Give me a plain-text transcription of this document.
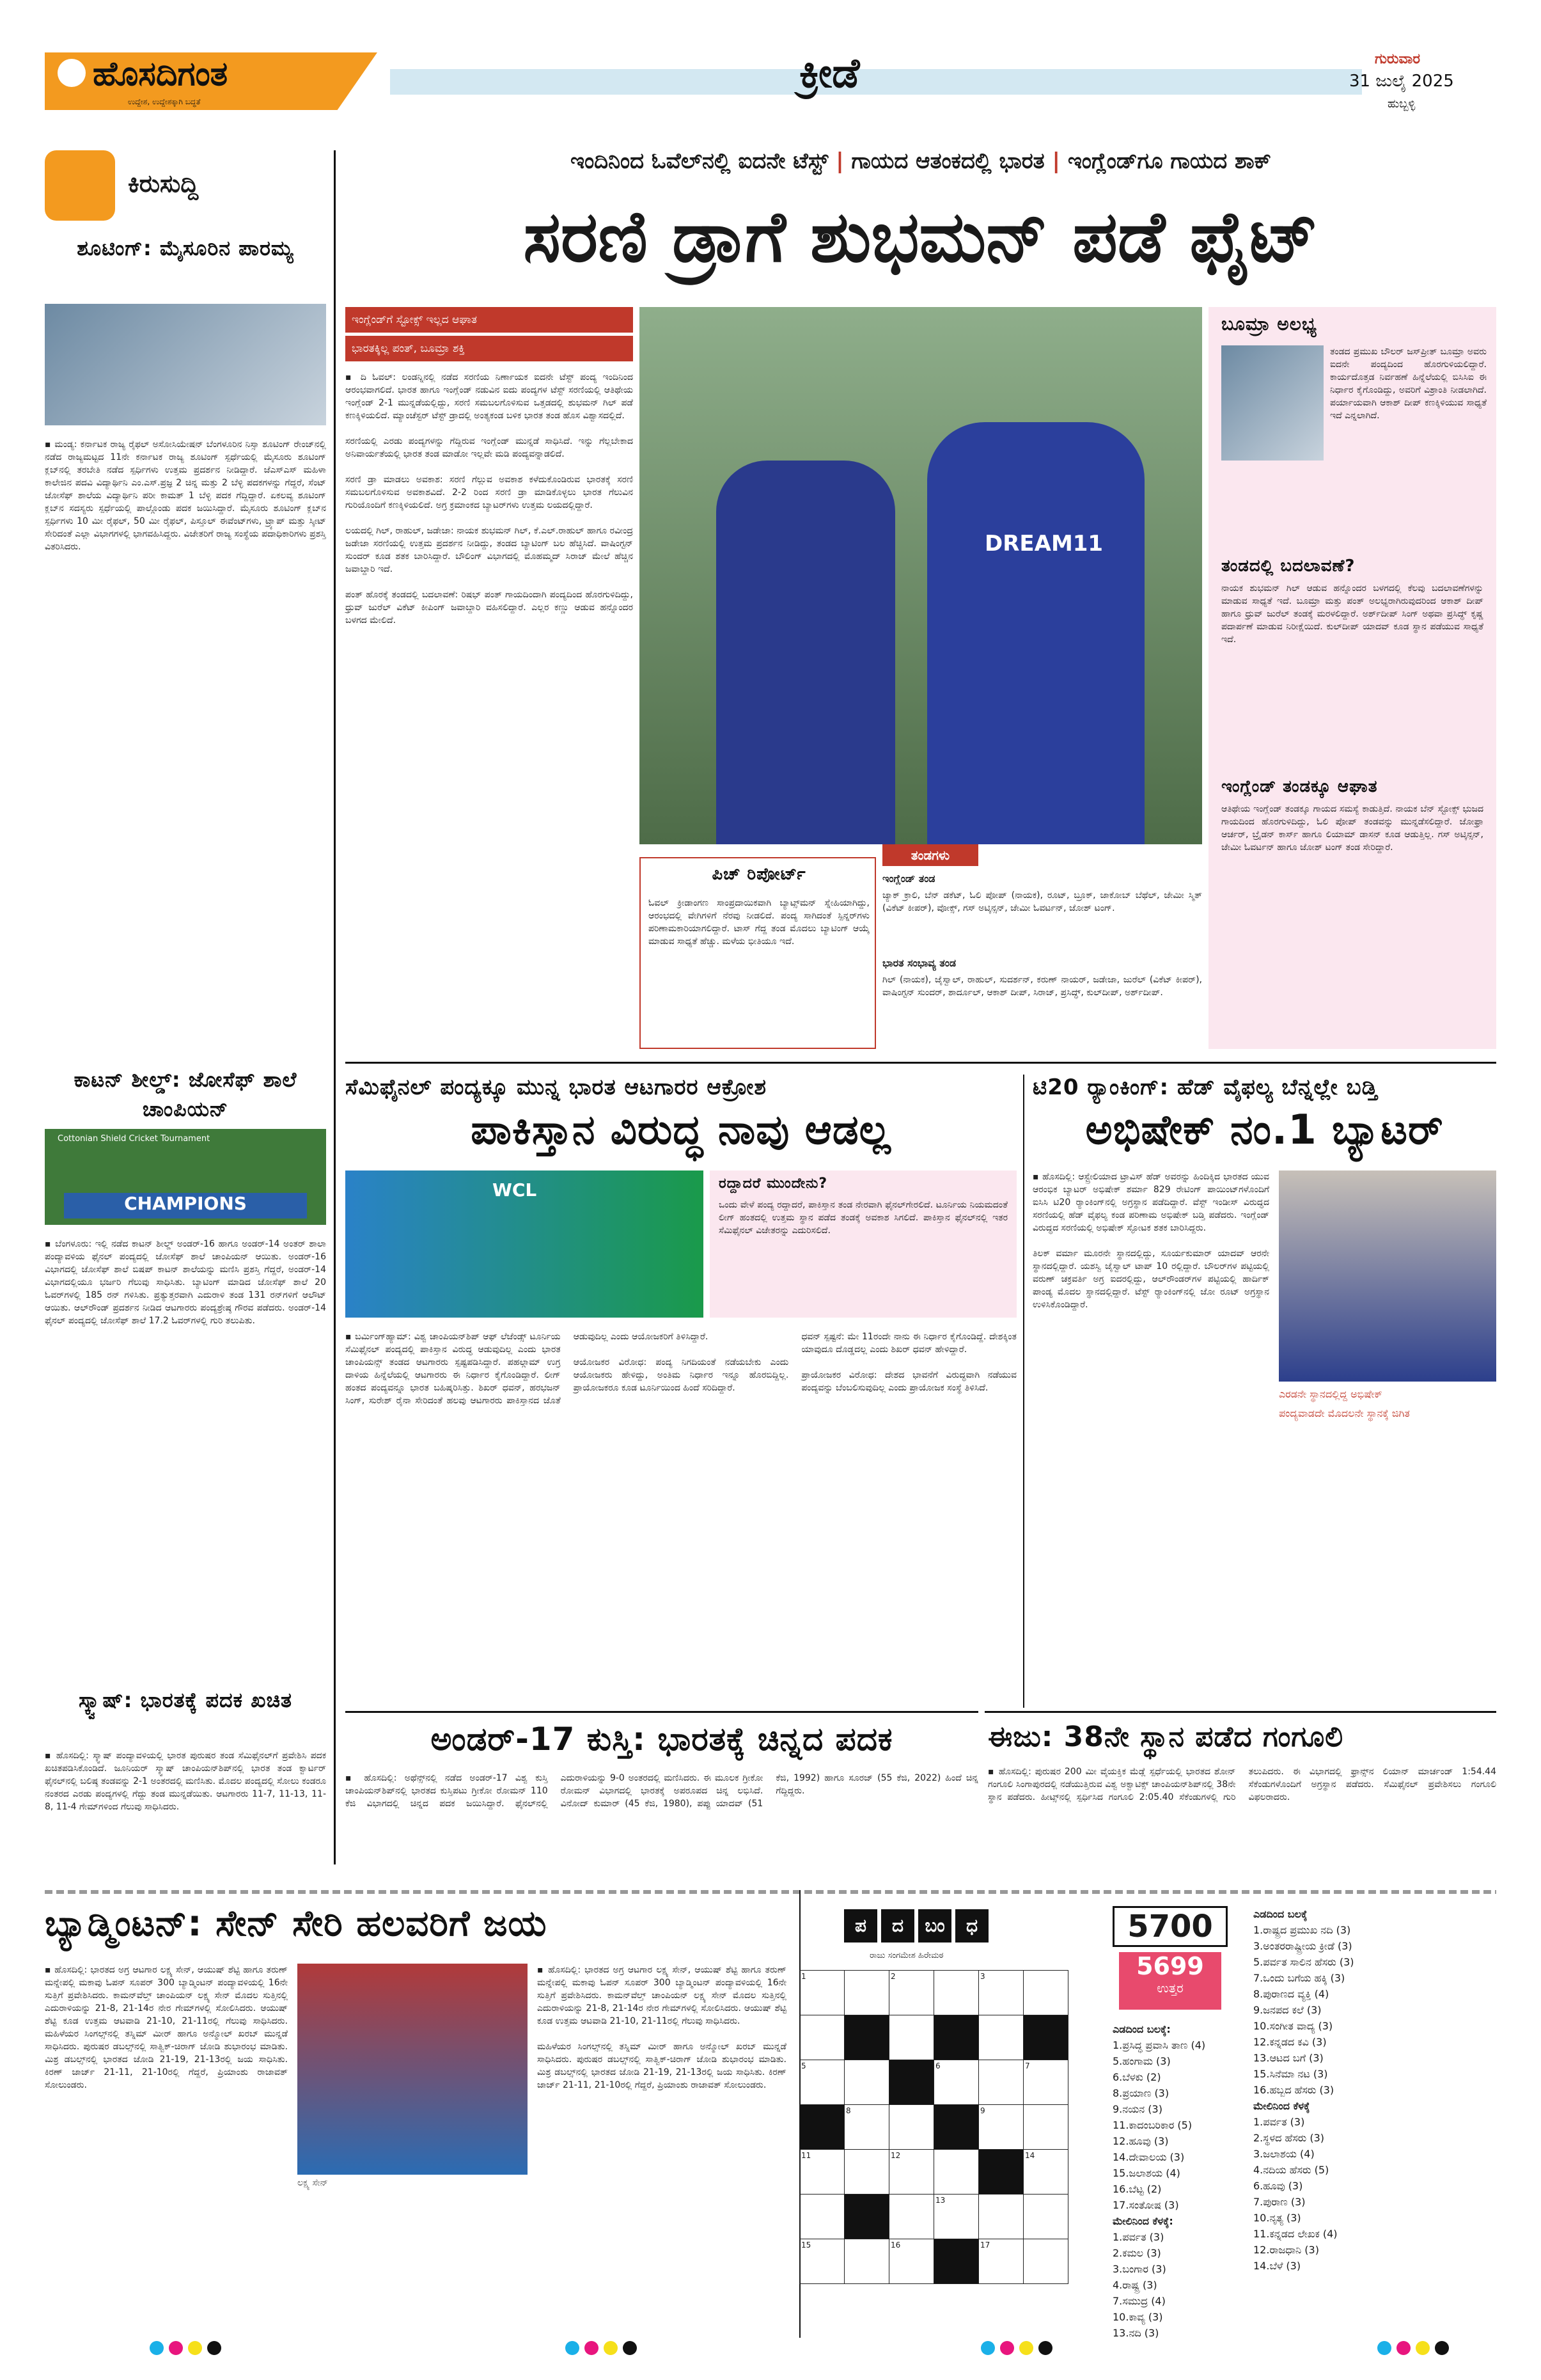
ಹೊಸದಿಗಂತ
ಉದ್ದೇಶ, ಉದ್ದೇಶಕ್ಕಾಗಿ ಬದ್ಧತೆ
ಕ್ರೀಡೆ	ಗುರುವಾರ
31 ಜುಲೈ 2025
ಹುಬ್ಬಳ್ಳಿ
ಕಿರುಸುದ್ದಿ
ಶೂಟಿಂಗ್: ಮೈಸೂರಿನ ಪಾರಮ್ಯ
▪ ಮಂಡ್ಯ: ಕರ್ನಾಟಕ ರಾಜ್ಯ ರೈಫಲ್ ಅಸೋಸಿಯೇಷನ್ ಬೆಂಗಳೂರಿನ ನಿಸ್ಸಾ ಶೂಟಿಂಗ್ ರೇಂಜ್‌ನಲ್ಲಿ ನಡೆದ ರಾಜ್ಯಮಟ್ಟದ 11ನೇ ಕರ್ನಾಟಕ ರಾಜ್ಯ ಶೂಟಿಂಗ್ ಸ್ಪರ್ಧೆಯಲ್ಲಿ ಮೈಸೂರು ಶೂಟಿಂಗ್ ಕ್ಲಬ್‌ನಲ್ಲಿ ತರಬೇತಿ ನಡೆದ ಸ್ಪರ್ಧಿಗಳು ಉತ್ತಮ ಪ್ರದರ್ಶನ ನೀಡಿದ್ದಾರೆ. ಜೆಎಸ್‌ಎಸ್ ಮಹಿಳಾ ಕಾಲೇಜಿನ ಪದವಿ ವಿದ್ಯಾರ್ಥಿನಿ ಎಂ.ಎಸ್.ಪ್ರಜ್ಞ 2 ಚಿನ್ನ ಮತ್ತು 2 ಬೆಳ್ಳಿ ಪದಕಗಳನ್ನು ಗೆದ್ದರೆ, ಸೆಂಟ್ ಜೋಸೆಫ್ ಶಾಲೆಯ ವಿದ್ಯಾರ್ಥಿನಿ ಪರೀ ಕಾಮತ್ 1 ಬೆಳ್ಳಿ ಪದಕ ಗೆದ್ದಿದ್ದಾರೆ. ಏಕಲವ್ಯ ಶೂಟಿಂಗ್ ಕ್ಲಬ್‌ನ ಸದಸ್ಯರು ಸ್ಪರ್ಧೆಯಲ್ಲಿ ಪಾಲ್ಗೊಂಡು ಪದಕ ಜಯಿಸಿದ್ದಾರೆ. ಮೈಸೂರು ಶೂಟಿಂಗ್ ಕ್ಲಬ್‌ನ ಸ್ಪರ್ಧಿಗಳು 10 ಮೀ ರೈಫಲ್, 50 ಮೀ ರೈಫಲ್, ಪಿಸ್ತೂಲ್ ಈವೆಂಟ್‌ಗಳು, ಟ್ರ್ಯಾಪ್ ಮತ್ತು ಸ್ಕೀಟ್ ಸೇರಿದಂತೆ ಎಲ್ಲಾ ವಿಭಾಗಗಳಲ್ಲಿ ಭಾಗವಹಿಸಿದ್ದರು. ವಿಜೇತರಿಗೆ ರಾಜ್ಯ ಸಂಸ್ಥೆಯ ಪದಾಧಿಕಾರಿಗಳು ಪ್ರಶಸ್ತಿ ವಿತರಿಸಿದರು.
ಕಾಟನ್ ಶೀಲ್ಡ್: ಜೋಸೆಫ್ ಶಾಲೆ ಚಾಂಪಿಯನ್
Cottonian Shield Cricket Tournament
CHAMPIONS
▪ ಬೆಂಗಳೂರು: ಇಲ್ಲಿ ನಡೆದ ಕಾಟನ್ ಶೀಲ್ಡ್ ಅಂಡರ್-16 ಹಾಗೂ ಅಂಡರ್-14 ಅಂತರ್ ಶಾಲಾ ಪಂದ್ಯಾವಳಿಯ ಫೈನಲ್ ಪಂದ್ಯದಲ್ಲಿ ಜೋಸೆಫ್ ಶಾಲೆ ಚಾಂಪಿಯನ್ ಆಯಿತು. ಅಂಡರ್-16 ವಿಭಾಗದಲ್ಲಿ ಜೋಸೆಫ್ ಶಾಲೆ ಬಿಷಪ್ ಕಾಟನ್ ಶಾಲೆಯನ್ನು ಮಣಿಸಿ ಪ್ರಶಸ್ತಿ ಗೆದ್ದರೆ, ಅಂಡರ್-14 ವಿಭಾಗದಲ್ಲಿಯೂ ಭರ್ಜರಿ ಗೆಲುವು ಸಾಧಿಸಿತು. ಬ್ಯಾಟಿಂಗ್ ಮಾಡಿದ ಜೋಸೆಫ್ ಶಾಲೆ 20 ಓವರ್‌ಗಳಲ್ಲಿ 185 ರನ್ ಗಳಿಸಿತು. ಪ್ರತ್ಯುತ್ತರವಾಗಿ ಎದುರಾಳಿ ತಂಡ 131 ರನ್‌ಗಳಿಗೆ ಆಲೌಟ್ ಆಯಿತು. ಆಲ್‌ರೌಂಡ್ ಪ್ರದರ್ಶನ ನೀಡಿದ ಆಟಗಾರರು ಪಂದ್ಯಶ್ರೇಷ್ಠ ಗೌರವ ಪಡೆದರು. ಅಂಡರ್-14 ಫೈನಲ್ ಪಂದ್ಯದಲ್ಲಿ ಜೋಸೆಫ್ ಶಾಲೆ 17.2 ಓವರ್‌ಗಳಲ್ಲಿ ಗುರಿ ತಲುಪಿತು.
ಸ್ಕ್ವಾಷ್: ಭಾರತಕ್ಕೆ ಪದಕ ಖಚಿತ
▪ ಹೊಸದಿಲ್ಲಿ: ಸ್ಕ್ವಾಷ್ ಪಂದ್ಯಾವಳಿಯಲ್ಲಿ ಭಾರತ ಪುರುಷರ ತಂಡ ಸೆಮಿಫೈನಲ್‌ಗೆ ಪ್ರವೇಶಿಸಿ ಪದಕ ಖಚಿತಪಡಿಸಿಕೊಂಡಿದೆ. ಜೂನಿಯರ್ ಸ್ಕ್ವಾಷ್ ಚಾಂಪಿಯನ್‌ಶಿಪ್‌ನಲ್ಲಿ ಭಾರತ ತಂಡ ಕ್ವಾರ್ಟರ್ ಫೈನಲ್‌ನಲ್ಲಿ ಬಲಿಷ್ಠ ತಂಡವನ್ನು 2-1 ಅಂತರದಲ್ಲಿ ಮಣಿಸಿತು. ಮೊದಲ ಪಂದ್ಯದಲ್ಲಿ ಸೋಲು ಕಂಡರೂ ನಂತರದ ಎರಡು ಪಂದ್ಯಗಳಲ್ಲಿ ಗೆದ್ದು ತಂಡ ಮುನ್ನಡೆಯಿತು. ಆಟಗಾರರು 11-7, 11-13, 11-8, 11-4 ಗೇಮ್‌ಗಳಿಂದ ಗೆಲುವು ಸಾಧಿಸಿದರು.
ಇಂದಿನಿಂದ ಓವೆಲ್‌ನಲ್ಲಿ ಐದನೇ ಟೆಸ್ಟ್ | ಗಾಯದ ಆತಂಕದಲ್ಲಿ ಭಾರತ | ಇಂಗ್ಲೆಂಡ್‌ಗೂ ಗಾಯದ ಶಾಕ್
ಸರಣಿ ಡ್ರಾಗೆ ಶುಭಮನ್ ಪಡೆ ಫೈಟ್
ಇಂಗ್ಲೆಂಡ್‌ಗೆ ಸ್ಟೋಕ್ಸ್ ಇಲ್ಲದ ಆಘಾತ
ಭಾರತಕ್ಕಿಲ್ಲ ಪಂತ್, ಬೂಮ್ರಾ ಶಕ್ತಿ
▪ ದಿ ಓವಲ್: ಲಂಡನ್ನಿನಲ್ಲಿ ನಡೆದ ಸರಣಿಯ ನಿರ್ಣಾಯಕ ಐದನೇ ಟೆಸ್ಟ್ ಪಂದ್ಯ ಇಂದಿನಿಂದ ಆರಂಭವಾಗಲಿದೆ. ಭಾರತ ಹಾಗೂ ಇಂಗ್ಲೆಂಡ್ ನಡುವಿನ ಐದು ಪಂದ್ಯಗಳ ಟೆಸ್ಟ್ ಸರಣಿಯಲ್ಲಿ ಆತಿಥೇಯ ಇಂಗ್ಲೆಂಡ್ 2-1 ಮುನ್ನಡೆಯಲ್ಲಿದ್ದು, ಸರಣಿ ಸಮಬಲಗೊಳಿಸುವ ಒತ್ತಡದಲ್ಲಿ ಶುಭಮನ್ ಗಿಲ್ ಪಡೆ ಕಣಕ್ಕಿಳಿಯಲಿದೆ. ಮ್ಯಾಂಚೆಸ್ಟರ್ ಟೆಸ್ಟ್ ಡ್ರಾದಲ್ಲಿ ಅಂತ್ಯಕಂಡ ಬಳಿಕ ಭಾರತ ತಂಡ ಹೊಸ ವಿಶ್ವಾಸದಲ್ಲಿದೆ.

ಸರಣಿಯಲ್ಲಿ ಎರಡು ಪಂದ್ಯಗಳನ್ನು ಗೆದ್ದಿರುವ ಇಂಗ್ಲೆಂಡ್ ಮುನ್ನಡೆ ಸಾಧಿಸಿದೆ. ಇನ್ನು ಗೆಲ್ಲಬೇಕಾದ ಅನಿವಾರ್ಯತೆಯಲ್ಲಿ ಭಾರತ ತಂಡ ಮಾಡೋ ಇಲ್ಲವೇ ಮಡಿ ಪಂದ್ಯವನ್ನಾಡಲಿದೆ.

ಸರಣಿ ಡ್ರಾ ಮಾಡಲು ಅವಕಾಶ: ಸರಣಿ ಗೆಲ್ಲುವ ಅವಕಾಶ ಕಳೆದುಕೊಂಡಿರುವ ಭಾರತಕ್ಕೆ ಸರಣಿ ಸಮಬಲಗೊಳಿಸುವ ಅವಕಾಶವಿದೆ. 2-2 ರಿಂದ ಸರಣಿ ಡ್ರಾ ಮಾಡಿಕೊಳ್ಳಲು ಭಾರತ ಗೆಲುವಿನ ಗುರಿಯೊಂದಿಗೆ ಕಣಕ್ಕಿಳಿಯಲಿದೆ. ಅಗ್ರ ಕ್ರಮಾಂಕದ ಬ್ಯಾಟರ್‌ಗಳು ಉತ್ತಮ ಲಯದಲ್ಲಿದ್ದಾರೆ.

ಲಯದಲ್ಲಿ ಗಿಲ್, ರಾಹುಲ್, ಜಡೇಜಾ: ನಾಯಕ ಶುಭಮನ್ ಗಿಲ್, ಕೆ.ಎಲ್.ರಾಹುಲ್ ಹಾಗೂ ರವೀಂದ್ರ ಜಡೇಜಾ ಸರಣಿಯಲ್ಲಿ ಉತ್ತಮ ಪ್ರದರ್ಶನ ನೀಡಿದ್ದು, ತಂಡದ ಬ್ಯಾಟಿಂಗ್ ಬಲ ಹೆಚ್ಚಿಸಿದೆ. ವಾಷಿಂಗ್ಟನ್ ಸುಂದರ್ ಕೂಡ ಶತಕ ಬಾರಿಸಿದ್ದಾರೆ. ಬೌಲಿಂಗ್ ವಿಭಾಗದಲ್ಲಿ ಮೊಹಮ್ಮದ್ ಸಿರಾಜ್ ಮೇಲೆ ಹೆಚ್ಚಿನ ಜವಾಬ್ದಾರಿ ಇದೆ.

ಪಂತ್ ಹೊರಕ್ಕೆ ತಂಡದಲ್ಲಿ ಬದಲಾವಣೆ: ರಿಷಭ್ ಪಂತ್ ಗಾಯದಿಂದಾಗಿ ಪಂದ್ಯದಿಂದ ಹೊರಗುಳಿದಿದ್ದು, ಧ್ರುವ್ ಜುರೆಲ್ ವಿಕೆಟ್ ಕೀಪಿಂಗ್ ಜವಾಬ್ದಾರಿ ವಹಿಸಲಿದ್ದಾರೆ. ಎಲ್ಲರ ಕಣ್ಣು ಆಡುವ ಹನ್ನೊಂದರ ಬಳಗದ ಮೇಲಿದೆ.
DREAM11
ಪಿಚ್ ರಿಪೋರ್ಟ್
ಓವಲ್ ಕ್ರೀಡಾಂಗಣ ಸಾಂಪ್ರದಾಯಿಕವಾಗಿ ಬ್ಯಾಟ್ಸ್‌ಮನ್ ಸ್ನೇಹಿಯಾಗಿದ್ದು, ಆರಂಭದಲ್ಲಿ ವೇಗಿಗಳಿಗೆ ನೆರವು ನೀಡಲಿದೆ. ಪಂದ್ಯ ಸಾಗಿದಂತೆ ಸ್ಪಿನ್ನರ್‌ಗಳು ಪರಿಣಾಮಕಾರಿಯಾಗಲಿದ್ದಾರೆ. ಟಾಸ್ ಗೆದ್ದ ತಂಡ ಮೊದಲು ಬ್ಯಾಟಿಂಗ್ ಆಯ್ಕೆ ಮಾಡುವ ಸಾಧ್ಯತೆ ಹೆಚ್ಚು. ಮಳೆಯ ಭೀತಿಯೂ ಇದೆ.
ತಂಡಗಳು
ಇಂಗ್ಲೆಂಡ್ ತಂಡ
ಜ್ಯಾಕ್ ಕ್ರಾಲಿ, ಬೆನ್ ಡಕೆಟ್, ಓಲಿ ಪೋಪ್ (ನಾಯಕ), ರೂಟ್, ಬ್ರೂಕ್, ಜಾಕೋಬ್ ಬೆಥೆಲ್, ಜೇಮೀ ಸ್ಮಿತ್ (ವಿಕೆಟ್ ಕೀಪರ್), ವೋಕ್ಸ್, ಗಸ್ ಅಟ್ಕಿನ್ಸನ್, ಜೇಮೀ ಓವರ್ಟನ್, ಜೋಶ್ ಟಂಗ್.
ಭಾರತ ಸಂಭಾವ್ಯ ತಂಡ
ಗಿಲ್ (ನಾಯಕ), ಜೈಸ್ವಾಲ್, ರಾಹುಲ್, ಸುದರ್ಶನ್, ಕರುಣ್ ನಾಯರ್, ಜಡೇಜಾ, ಜುರೆಲ್ (ವಿಕೆಟ್ ಕೀಪರ್), ವಾಷಿಂಗ್ಟನ್ ಸುಂದರ್, ಶಾರ್ದೂಲ್, ಆಕಾಶ್ ದೀಪ್, ಸಿರಾಜ್, ಪ್ರಸಿದ್ಧ್, ಕುಲ್‌ದೀಪ್, ಅರ್ಶ್‌ದೀಪ್.
ಬೂಮ್ರಾ ಅಲಭ್ಯ
ತಂಡದ ಪ್ರಮುಖ ಬೌಲರ್ ಜಸ್‌ಪ್ರೀತ್ ಬೂಮ್ರಾ ಅವರು ಐದನೇ ಪಂದ್ಯದಿಂದ ಹೊರಗುಳಿಯಲಿದ್ದಾರೆ. ಕಾರ್ಯದೊತ್ತಡ ನಿರ್ವಹಣೆ ಹಿನ್ನೆಲೆಯಲ್ಲಿ ಬಿಸಿಸಿಐ ಈ ನಿರ್ಧಾರ ಕೈಗೊಂಡಿದ್ದು, ಅವರಿಗೆ ವಿಶ್ರಾಂತಿ ನೀಡಲಾಗಿದೆ. ಪರ್ಯಾಯವಾಗಿ ಆಕಾಶ್ ದೀಪ್ ಕಣಕ್ಕಿಳಿಯುವ ಸಾಧ್ಯತೆ ಇದೆ ಎನ್ನಲಾಗಿದೆ.
ತಂಡದಲ್ಲಿ ಬದಲಾವಣೆ?
ನಾಯಕ ಶುಭಮನ್ ಗಿಲ್ ಆಡುವ ಹನ್ನೊಂದರ ಬಳಗದಲ್ಲಿ ಕೆಲವು ಬದಲಾವಣೆಗಳನ್ನು ಮಾಡುವ ಸಾಧ್ಯತೆ ಇದೆ. ಬೂಮ್ರಾ ಮತ್ತು ಪಂತ್ ಅಲಭ್ಯರಾಗಿರುವುದರಿಂದ ಆಕಾಶ್ ದೀಪ್ ಹಾಗೂ ಧ್ರುವ್ ಜುರೆಲ್ ತಂಡಕ್ಕೆ ಮರಳಲಿದ್ದಾರೆ. ಅರ್ಶ್‌ದೀಪ್ ಸಿಂಗ್ ಅಥವಾ ಪ್ರಸಿದ್ಧ್ ಕೃಷ್ಣ ಪದಾರ್ಪಣೆ ಮಾಡುವ ನಿರೀಕ್ಷೆಯಿದೆ. ಕುಲ್‌ದೀಪ್ ಯಾದವ್ ಕೂಡ ಸ್ಥಾನ ಪಡೆಯುವ ಸಾಧ್ಯತೆ ಇದೆ.
ಇಂಗ್ಲೆಂಡ್ ತಂಡಕ್ಕೂ ಆಘಾತ
ಆತಿಥೇಯ ಇಂಗ್ಲೆಂಡ್ ತಂಡಕ್ಕೂ ಗಾಯದ ಸಮಸ್ಯೆ ಕಾಡುತ್ತಿದೆ. ನಾಯಕ ಬೆನ್ ಸ್ಟೋಕ್ಸ್ ಭುಜದ ಗಾಯದಿಂದ ಹೊರಗುಳಿದಿದ್ದು, ಓಲಿ ಪೋಪ್ ತಂಡವನ್ನು ಮುನ್ನಡೆಸಲಿದ್ದಾರೆ. ಜೋಫ್ರಾ ಆರ್ಚರ್, ಬ್ರೈಡನ್ ಕಾರ್ಸ್ ಹಾಗೂ ಲಿಯಾಮ್ ಡಾಸನ್ ಕೂಡ ಆಡುತ್ತಿಲ್ಲ. ಗಸ್ ಅಟ್ಕಿನ್ಸನ್, ಜೇಮೀ ಓವರ್ಟನ್ ಹಾಗೂ ಜೋಶ್ ಟಂಗ್ ತಂಡ ಸೇರಿದ್ದಾರೆ.
ಸೆಮಿಫೈನಲ್ ಪಂದ್ಯಕ್ಕೂ ಮುನ್ನ ಭಾರತ ಆಟಗಾರರ ಆಕ್ರೋಶ
ಪಾಕಿಸ್ತಾನ ವಿರುದ್ಧ ನಾವು ಆಡಲ್ಲ
WCL	ರದ್ದಾದರೆ ಮುಂದೇನು?
ಒಂದು ವೇಳೆ ಪಂದ್ಯ ರದ್ದಾದರೆ, ಪಾಕಿಸ್ತಾನ ತಂಡ ನೇರವಾಗಿ ಫೈನಲ್‌ಗೇರಲಿದೆ. ಟೂರ್ನಿಯ ನಿಯಮದಂತೆ ಲೀಗ್ ಹಂತದಲ್ಲಿ ಉತ್ತಮ ಸ್ಥಾನ ಪಡೆದ ತಂಡಕ್ಕೆ ಅವಕಾಶ ಸಿಗಲಿದೆ. ಪಾಕಿಸ್ತಾನ ಫೈನಲ್‌ನಲ್ಲಿ ಇತರ ಸೆಮಿಫೈನಲ್ ವಿಜೇತರನ್ನು ಎದುರಿಸಲಿದೆ.
▪ ಬರ್ಮಿಂಗ್‌ಹ್ಯಾಮ್: ವಿಶ್ವ ಚಾಂಪಿಯನ್‌ಶಿಪ್ ಆಫ್ ಲೆಜೆಂಡ್ಸ್ ಟೂರ್ನಿಯ ಸೆಮಿಫೈನಲ್ ಪಂದ್ಯದಲ್ಲಿ ಪಾಕಿಸ್ತಾನ ವಿರುದ್ಧ ಆಡುವುದಿಲ್ಲ ಎಂದು ಭಾರತ ಚಾಂಪಿಯನ್ಸ್ ತಂಡದ ಆಟಗಾರರು ಸ್ಪಷ್ಟಪಡಿಸಿದ್ದಾರೆ. ಪಹಲ್ಗಾಮ್ ಉಗ್ರ ದಾಳಿಯ ಹಿನ್ನೆಲೆಯಲ್ಲಿ ಆಟಗಾರರು ಈ ನಿರ್ಧಾರ ಕೈಗೊಂಡಿದ್ದಾರೆ. ಲೀಗ್ ಹಂತದ ಪಂದ್ಯವನ್ನೂ ಭಾರತ ಬಹಿಷ್ಕರಿಸಿತ್ತು. ಶಿಖರ್ ಧವನ್, ಹರಭಜನ್ ಸಿಂಗ್, ಸುರೇಶ್ ರೈನಾ ಸೇರಿದಂತೆ ಹಲವು ಆಟಗಾರರು ಪಾಕಿಸ್ತಾನದ ಜೊತೆ ಆಡುವುದಿಲ್ಲ ಎಂದು ಆಯೋಜಕರಿಗೆ ತಿಳಿಸಿದ್ದಾರೆ.

ಆಯೋಜಕರ ವಿರೋಧ: ಪಂದ್ಯ ನಿಗದಿಯಂತೆ ನಡೆಯಬೇಕು ಎಂದು ಆಯೋಜಕರು ಹೇಳಿದ್ದು, ಅಂತಿಮ ನಿರ್ಧಾರ ಇನ್ನೂ ಹೊರಬಿದ್ದಿಲ್ಲ. ಪ್ರಾಯೋಜಕರೂ ಕೂಡ ಟೂರ್ನಿಯಿಂದ ಹಿಂದೆ ಸರಿದಿದ್ದಾರೆ.

ಧವನ್ ಸ್ಪಷ್ಟನೆ: ಮೇ 11ರಂದೇ ನಾನು ಈ ನಿರ್ಧಾರ ಕೈಗೊಂಡಿದ್ದೆ. ದೇಶಕ್ಕಿಂತ ಯಾವುದೂ ದೊಡ್ಡದಲ್ಲ ಎಂದು ಶಿಖರ್ ಧವನ್ ಹೇಳಿದ್ದಾರೆ.

ಪ್ರಾಯೋಜಕರ ವಿರೋಧ: ದೇಶದ ಭಾವನೆಗೆ ವಿರುದ್ಧವಾಗಿ ನಡೆಯುವ ಪಂದ್ಯವನ್ನು ಬೆಂಬಲಿಸುವುದಿಲ್ಲ ಎಂದು ಪ್ರಾಯೋಜಕ ಸಂಸ್ಥೆ ತಿಳಿಸಿದೆ.
ಟಿ20 ರ‍್ಯಾಂಕಿಂಗ್: ಹೆಡ್ ವೈಫಲ್ಯ ಬೆನ್ನಲ್ಲೇ ಬಡ್ತಿ
ಅಭಿಷೇಕ್ ನಂ.1 ಬ್ಯಾಟರ್
ಎರಡನೇ ಸ್ಥಾನದಲ್ಲಿದ್ದ ಅಭಿಷೇಕ್
ಪಂದ್ಯವಾಡದೇ ಮೊದಲನೇ ಸ್ಥಾನಕ್ಕೆ ಜಿಗಿತ
▪ ಹೊಸದಿಲ್ಲಿ: ಆಸ್ಟ್ರೇಲಿಯಾದ ಟ್ರಾವಿಸ್ ಹೆಡ್ ಅವರನ್ನು ಹಿಂದಿಕ್ಕಿದ ಭಾರತದ ಯುವ ಆರಂಭಿಕ ಬ್ಯಾಟರ್ ಅಭಿಷೇಕ್ ಶರ್ಮಾ 829 ರೇಟಿಂಗ್ ಪಾಯಿಂಟ್‌ಗಳೊಂದಿಗೆ ಐಸಿಸಿ ಟಿ20 ರ‍್ಯಾಂಕಿಂಗ್‌ನಲ್ಲಿ ಅಗ್ರಸ್ಥಾನ ಪಡೆದಿದ್ದಾರೆ. ವೆಸ್ಟ್ ಇಂಡೀಸ್ ವಿರುದ್ಧದ ಸರಣಿಯಲ್ಲಿ ಹೆಡ್ ವೈಫಲ್ಯ ಕಂಡ ಪರಿಣಾಮ ಅಭಿಷೇಕ್ ಬಡ್ತಿ ಪಡೆದರು. ಇಂಗ್ಲೆಂಡ್ ವಿರುದ್ಧದ ಸರಣಿಯಲ್ಲಿ ಅಭಿಷೇಕ್ ಸ್ಫೋಟಕ ಶತಕ ಬಾರಿಸಿದ್ದರು.

ತಿಲಕ್ ವರ್ಮಾ ಮೂರನೇ ಸ್ಥಾನದಲ್ಲಿದ್ದು, ಸೂರ್ಯಕುಮಾರ್ ಯಾದವ್ ಆರನೇ ಸ್ಥಾನದಲ್ಲಿದ್ದಾರೆ. ಯಶಸ್ವಿ ಜೈಸ್ವಾಲ್ ಟಾಪ್ 10 ರಲ್ಲಿದ್ದಾರೆ. ಬೌಲರ್‌ಗಳ ಪಟ್ಟಿಯಲ್ಲಿ ವರುಣ್ ಚಕ್ರವರ್ತಿ ಅಗ್ರ ಐದರಲ್ಲಿದ್ದು, ಆಲ್‌ರೌಂಡರ್‌ಗಳ ಪಟ್ಟಿಯಲ್ಲಿ ಹಾರ್ದಿಕ್ ಪಾಂಡ್ಯ ಮೊದಲ ಸ್ಥಾನದಲ್ಲಿದ್ದಾರೆ. ಟೆಸ್ಟ್ ರ‍್ಯಾಂಕಿಂಗ್‌ನಲ್ಲಿ ಜೋ ರೂಟ್ ಅಗ್ರಸ್ಥಾನ ಉಳಿಸಿಕೊಂಡಿದ್ದಾರೆ.
ಈಜು: 38ನೇ ಸ್ಥಾನ ಪಡೆದ ಗಂಗೂಲಿ
▪ ಹೊಸದಿಲ್ಲಿ: ಪುರುಷರ 200 ಮೀ ವೈಯಕ್ತಿಕ ಮೆಡ್ಲೆ ಸ್ಪರ್ಧೆಯಲ್ಲಿ ಭಾರತದ ಶೋನ್ ಗಂಗೂಲಿ ಸಿಂಗಾಪುರದಲ್ಲಿ ನಡೆಯುತ್ತಿರುವ ವಿಶ್ವ ಅಕ್ವಾಟಿಕ್ಸ್ ಚಾಂಪಿಯನ್‌ಶಿಪ್‌ನಲ್ಲಿ 38ನೇ ಸ್ಥಾನ ಪಡೆದರು. ಹೀಟ್ಸ್‌ನಲ್ಲಿ ಸ್ಪರ್ಧಿಸಿದ ಗಂಗೂಲಿ 2:05.40 ಸೆಕೆಂಡುಗಳಲ್ಲಿ ಗುರಿ ತಲುಪಿದರು. ಈ ವಿಭಾಗದಲ್ಲಿ ಫ್ರಾನ್ಸ್‌ನ ಲಿಯಾನ್ ಮಾರ್ಚಂಡ್ 1:54.44 ಸೆಕೆಂಡುಗಳೊಂದಿಗೆ ಅಗ್ರಸ್ಥಾನ ಪಡೆದರು. ಸೆಮಿಫೈನಲ್ ಪ್ರವೇಶಿಸಲು ಗಂಗೂಲಿ ವಿಫಲರಾದರು.
ಅಂಡರ್-17 ಕುಸ್ತಿ: ಭಾರತಕ್ಕೆ ಚಿನ್ನದ ಪದಕ
▪ ಹೊಸದಿಲ್ಲಿ: ಅಥೆನ್ಸ್‌ನಲ್ಲಿ ನಡೆದ ಅಂಡರ್-17 ವಿಶ್ವ ಕುಸ್ತಿ ಚಾಂಪಿಯನ್‌ಶಿಪ್‌ನಲ್ಲಿ ಭಾರತದ ಕುಸ್ತಿಪಟು ಗ್ರೀಕೋ ರೋಮನ್ 110 ಕೆಜಿ ವಿಭಾಗದಲ್ಲಿ ಚಿನ್ನದ ಪದಕ ಜಯಿಸಿದ್ದಾರೆ. ಫೈನಲ್‌ನಲ್ಲಿ ಎದುರಾಳಿಯನ್ನು 9-0 ಅಂತರದಲ್ಲಿ ಮಣಿಸಿದರು. ಈ ಮೂಲಕ ಗ್ರೀಕೋ ರೋಮನ್ ವಿಭಾಗದಲ್ಲಿ ಭಾರತಕ್ಕೆ ಅಪರೂಪದ ಚಿನ್ನ ಲಭಿಸಿದೆ. ವಿನೋದ್ ಕುಮಾರ್ (45 ಕೆಜಿ, 1980), ಪಪ್ಪು ಯಾದವ್ (51 ಕೆಜಿ, 1992) ಹಾಗೂ ಸೂರಜ್ (55 ಕೆಜಿ, 2022) ಹಿಂದೆ ಚಿನ್ನ ಗೆದ್ದಿದ್ದರು.
ಬ್ಯಾಡ್ಮಿಂಟನ್: ಸೇನ್ ಸೇರಿ ಹಲವರಿಗೆ ಜಯ
▪ ಹೊಸದಿಲ್ಲಿ: ಭಾರತದ ಅಗ್ರ ಆಟಗಾರ ಲಕ್ಷ್ಯ ಸೇನ್, ಆಯುಷ್ ಶೆಟ್ಟಿ ಹಾಗೂ ತರುಣ್ ಮನ್ನೇಪಲ್ಲಿ ಮಕಾವು ಓಪನ್ ಸೂಪರ್ 300 ಬ್ಯಾಡ್ಮಿಂಟನ್ ಪಂದ್ಯಾವಳಿಯಲ್ಲಿ 16ನೇ ಸುತ್ತಿಗೆ ಪ್ರವೇಶಿಸಿದರು. ಕಾಮನ್‌ವೆಲ್ತ್ ಚಾಂಪಿಯನ್ ಲಕ್ಷ್ಯ ಸೇನ್ ಮೊದಲ ಸುತ್ತಿನಲ್ಲಿ ಎದುರಾಳಿಯನ್ನು 21-8, 21-14ರ ನೇರ ಗೇಮ್‌ಗಳಲ್ಲಿ ಸೋಲಿಸಿದರು. ಆಯುಷ್ ಶೆಟ್ಟಿ ಕೂಡ ಉತ್ತಮ ಆಟವಾಡಿ 21-10, 21-11ರಲ್ಲಿ ಗೆಲುವು ಸಾಧಿಸಿದರು. ಮಹಿಳೆಯರ ಸಿಂಗಲ್ಸ್‌ನಲ್ಲಿ ತಸ್ನಿಮ್ ಮೀರ್ ಹಾಗೂ ಅನ್ಮೋಲ್ ಖರಬ್ ಮುನ್ನಡೆ ಸಾಧಿಸಿದರು. ಪುರುಷರ ಡಬಲ್ಸ್‌ನಲ್ಲಿ ಸಾತ್ವಿಕ್-ಚಿರಾಗ್ ಜೋಡಿ ಶುಭಾರಂಭ ಮಾಡಿತು. ಮಿಶ್ರ ಡಬಲ್ಸ್‌ನಲ್ಲಿ ಭಾರತದ ಜೋಡಿ 21-19, 21-13ರಲ್ಲಿ ಜಯ ಸಾಧಿಸಿತು. ಕಿರಣ್ ಜಾರ್ಜ್ 21-11, 21-10ರಲ್ಲಿ ಗೆದ್ದರೆ, ಪ್ರಿಯಾಂಶು ರಾಜಾವತ್ ಸೋಲುಂಡರು.
ಲಕ್ಷ್ಯ ಸೇನ್
▪ ಹೊಸದಿಲ್ಲಿ: ಭಾರತದ ಅಗ್ರ ಆಟಗಾರ ಲಕ್ಷ್ಯ ಸೇನ್, ಆಯುಷ್ ಶೆಟ್ಟಿ ಹಾಗೂ ತರುಣ್ ಮನ್ನೇಪಲ್ಲಿ ಮಕಾವು ಓಪನ್ ಸೂಪರ್ 300 ಬ್ಯಾಡ್ಮಿಂಟನ್ ಪಂದ್ಯಾವಳಿಯಲ್ಲಿ 16ನೇ ಸುತ್ತಿಗೆ ಪ್ರವೇಶಿಸಿದರು. ಕಾಮನ್‌ವೆಲ್ತ್ ಚಾಂಪಿಯನ್ ಲಕ್ಷ್ಯ ಸೇನ್ ಮೊದಲ ಸುತ್ತಿನಲ್ಲಿ ಎದುರಾಳಿಯನ್ನು 21-8, 21-14ರ ನೇರ ಗೇಮ್‌ಗಳಲ್ಲಿ ಸೋಲಿಸಿದರು. ಆಯುಷ್ ಶೆಟ್ಟಿ ಕೂಡ ಉತ್ತಮ ಆಟವಾಡಿ 21-10, 21-11ರಲ್ಲಿ ಗೆಲುವು ಸಾಧಿಸಿದರು.

ಮಹಿಳೆಯರ ಸಿಂಗಲ್ಸ್‌ನಲ್ಲಿ ತಸ್ನಿಮ್ ಮೀರ್ ಹಾಗೂ ಅನ್ಮೋಲ್ ಖರಬ್ ಮುನ್ನಡೆ ಸಾಧಿಸಿದರು. ಪುರುಷರ ಡಬಲ್ಸ್‌ನಲ್ಲಿ ಸಾತ್ವಿಕ್-ಚಿರಾಗ್ ಜೋಡಿ ಶುಭಾರಂಭ ಮಾಡಿತು. ಮಿಶ್ರ ಡಬಲ್ಸ್‌ನಲ್ಲಿ ಭಾರತದ ಜೋಡಿ 21-19, 21-13ರಲ್ಲಿ ಜಯ ಸಾಧಿಸಿತು. ಕಿರಣ್ ಜಾರ್ಜ್ 21-11, 21-10ರಲ್ಲಿ ಗೆದ್ದರೆ, ಪ್ರಿಯಾಂಶು ರಾಜಾವತ್ ಸೋಲುಂಡರು.
ಪ	ದ	ಬಂ	ಧ
ರಾಜು ಸಂಗಮೇಶ ಹಿರೇಮಠ
1		2		3	

5			6		7
	8			9	
11		12			14
			13		
15		16		17	
5700
5699
ಉತ್ತರ
ಎಡದಿಂದ ಬಲಕ್ಕೆ:
1.ಪ್ರಸಿದ್ಧ ಪ್ರವಾಸಿ ತಾಣ (4)
5.ಹಂಗಾಮ (3)
6.ಬೆಳಕು (2)
8.ಪ್ರಯಾಣ (3)
9.ನಯನ (3)
11.ಕಾದಂಬರಿಕಾರ (5)
12.ಹೂವು (3)
14.ದೇವಾಲಯ (3)
15.ಜಲಾಶಯ (4)
16.ಬೆಟ್ಟ (2)
17.ಸಂತೋಷ (3)
ಮೇಲಿನಿಂದ ಕೆಳಕ್ಕೆ:
1.ಪರ್ವತ (3)
2.ಕಮಲ (3)
3.ಬಂಗಾರ (3)
4.ರಾಷ್ಟ್ರ (3)
7.ಸಮುದ್ರ (4)
10.ಕಾವ್ಯ (3)
13.ನದಿ (3)
ಎಡದಿಂದ ಬಲಕ್ಕೆ
1.ರಾಷ್ಟ್ರದ ಪ್ರಮುಖ ನದಿ (3)
3.ಅಂತರರಾಷ್ಟ್ರೀಯ ಕ್ರೀಡೆ (3)
5.ಪರ್ವತ ಸಾಲಿನ ಹೆಸರು (3)
7.ಒಂದು ಬಗೆಯ ಹಕ್ಕಿ (3)
8.ಪುರಾಣದ ವ್ಯಕ್ತಿ (4)
9.ಜನಪದ ಕಲೆ (3)
10.ಸಂಗೀತ ವಾದ್ಯ (3)
12.ಕನ್ನಡದ ಕವಿ (3)
13.ಆಟದ ಬಗೆ (3)
15.ಸಿನೆಮಾ ನಟ (3)
16.ಹಬ್ಬದ ಹೆಸರು (3)
ಮೇಲಿನಿಂದ ಕೆಳಕ್ಕೆ
1.ಪರ್ವತ (3)
2.ಸ್ಥಳದ ಹೆಸರು (3)
3.ಜಲಾಶಯ (4)
4.ನದಿಯ ಹೆಸರು (5)
6.ಹೂವು (3)
7.ಪುರಾಣ (3)
10.ನೃತ್ಯ (3)
11.ಕನ್ನಡದ ಲೇಖಕ (4)
12.ರಾಜಧಾನಿ (3)
14.ಬೆಳೆ (3)
